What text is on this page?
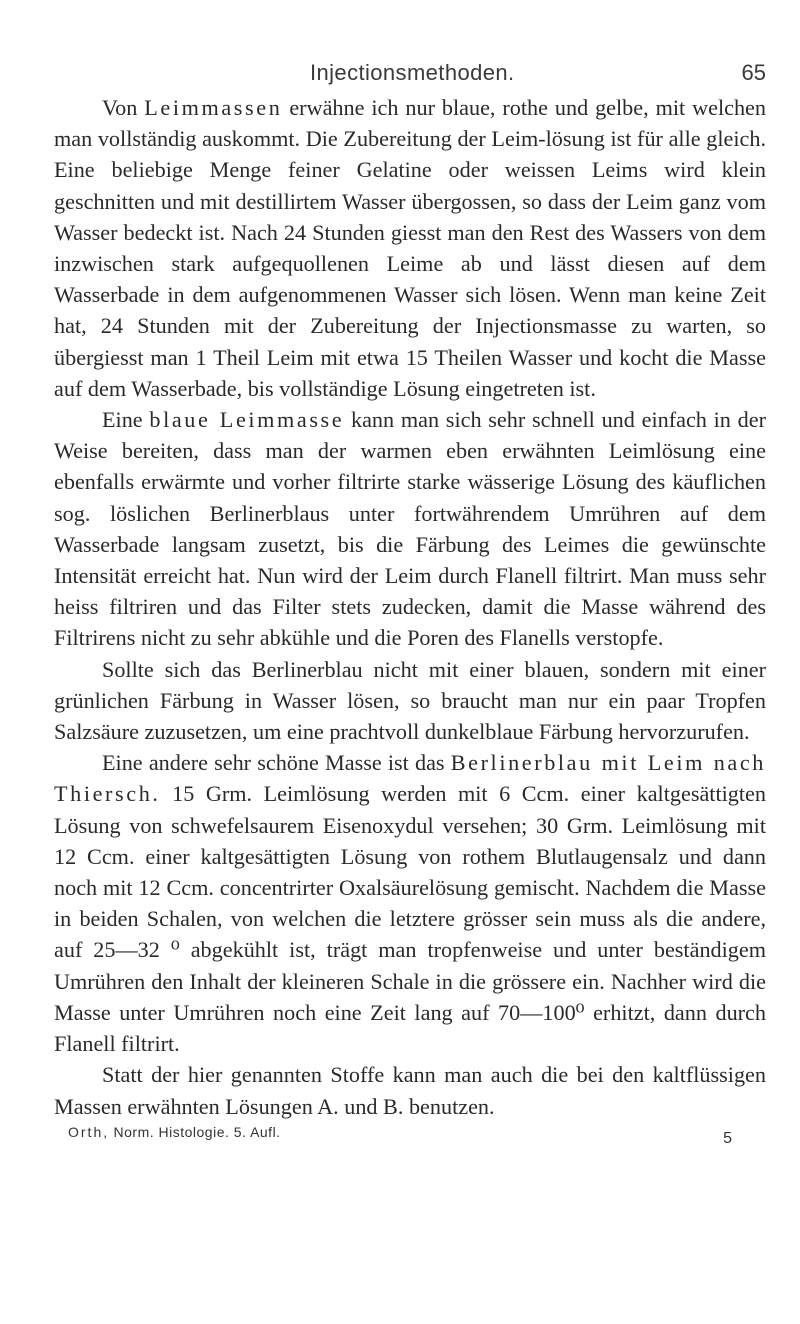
Injectionsmethoden.	65

Von Leimmassen erwähne ich nur blaue, rothe und gelbe, mit welchen man vollständig auskommt. Die Zubereitung der Leim-lösung ist für alle gleich. Eine beliebige Menge feiner Gelatine oder weissen Leims wird klein geschnitten und mit destillirtem Wasser übergossen, so dass der Leim ganz vom Wasser bedeckt ist. Nach 24 Stunden giesst man den Rest des Wassers von dem inzwischen stark aufgequollenen Leime ab und lässt diesen auf dem Wasserbade in dem aufgenommenen Wasser sich lösen. Wenn man keine Zeit hat, 24 Stunden mit der Zubereitung der Injectionsmasse zu warten, so übergiesst man 1 Theil Leim mit etwa 15 Theilen Wasser und kocht die Masse auf dem Wasserbade, bis vollständige Lösung eingetreten ist.

Eine blaue Leimmasse kann man sich sehr schnell und einfach in der Weise bereiten, dass man der warmen eben erwähnten Leimlösung eine ebenfalls erwärmte und vorher filtrirte starke wässerige Lösung des käuflichen sog. löslichen Berlinerblaus unter fortwährendem Umrühren auf dem Wasserbade langsam zusetzt, bis die Färbung des Leimes die gewünschte Intensität erreicht hat. Nun wird der Leim durch Flanell filtrirt. Man muss sehr heiss filtriren und das Filter stets zudecken, damit die Masse während des Filtrirens nicht zu sehr abkühle und die Poren des Flanells verstopfe.

Sollte sich das Berlinerblau nicht mit einer blauen, sondern mit einer grünlichen Färbung in Wasser lösen, so braucht man nur ein paar Tropfen Salzsäure zuzusetzen, um eine prachtvoll dunkelblaue Färbung hervorzurufen.

Eine andere sehr schöne Masse ist das Berlinerblau mit Leim nach Thiersch. 15 Grm. Leimlösung werden mit 6 Ccm. einer kaltgesättigten Lösung von schwefelsaurem Eisenoxydul versehen; 30 Grm. Leimlösung mit 12 Ccm. einer kaltgesättigten Lösung von rothem Blutlaugensalz und dann noch mit 12 Ccm. concentrirter Oxalsäurelösung gemischt. Nachdem die Masse in beiden Schalen, von welchen die letztere grösser sein muss als die andere, auf 25—32 ⁰ abgekühlt ist, trägt man tropfenweise und unter beständigem Umrühren den Inhalt der kleineren Schale in die grössere ein. Nachher wird die Masse unter Umrühren noch eine Zeit lang auf 70—100⁰ erhitzt, dann durch Flanell filtrirt.

Statt der hier genannten Stoffe kann man auch die bei den kaltflüssigen Massen erwähnten Lösungen A. und B. benutzen.

Orth, Norm. Histologie. 5. Aufl.	5
